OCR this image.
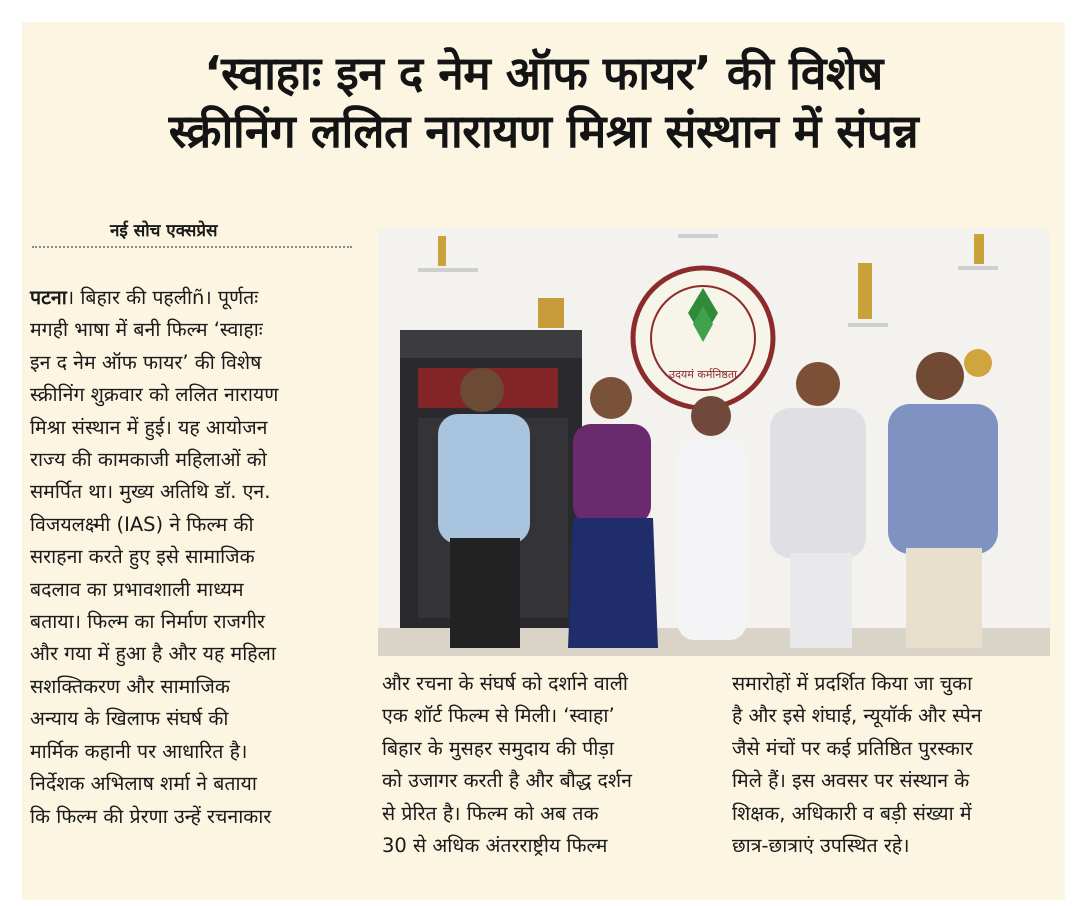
‘स्वाहाः इन द नेम ऑफ फायर’ की विशेष
स्क्रीनिंग ललित नारायण मिश्रा संस्थान में संपन्न
नई सोच एक्सप्रेस
पटना। बिहार की पहलीñ। पूर्णतः
मगही भाषा में बनी फिल्म ‘स्वाहाः
इन द नेम ऑफ फायर’ की विशेष
स्क्रीनिंग शुक्रवार को ललित नारायण
मिश्रा संस्थान में हुई। यह आयोजन
राज्य की कामकाजी महिलाओं को
समर्पित था। मुख्य अतिथि डॉ. एन.
विजयलक्ष्मी (IAS) ने फिल्म की
सराहना करते हुए इसे सामाजिक
बदलाव का प्रभावशाली माध्यम
बताया। फिल्म का निर्माण राजगीर
और गया में हुआ है और यह महिला
सशक्तिकरण और सामाजिक
अन्याय के खिलाफ संघर्ष की
मार्मिक कहानी पर आधारित है।
निर्देशक अभिलाष शर्मा ने बताया
कि फिल्म की प्रेरणा उन्हें रचनाकार
उदयमं कर्मनिष्ठता
और रचना के संघर्ष को दर्शाने वाली
एक शॉर्ट फिल्म से मिली। ‘स्वाहा’
बिहार के मुसहर समुदाय की पीड़ा
को उजागर करती है और बौद्ध दर्शन
से प्रेरित है। फिल्म को अब तक
30 से अधिक अंतरराष्ट्रीय फिल्म
समारोहों में प्रदर्शित किया जा चुका
है और इसे शंघाई, न्यूयॉर्क और स्पेन
जैसे मंचों पर कई प्रतिष्ठित पुरस्कार
मिले हैं। इस अवसर पर संस्थान के
शिक्षक, अधिकारी व बड़ी संख्या में
छात्र-छात्राएं उपस्थित रहे।
